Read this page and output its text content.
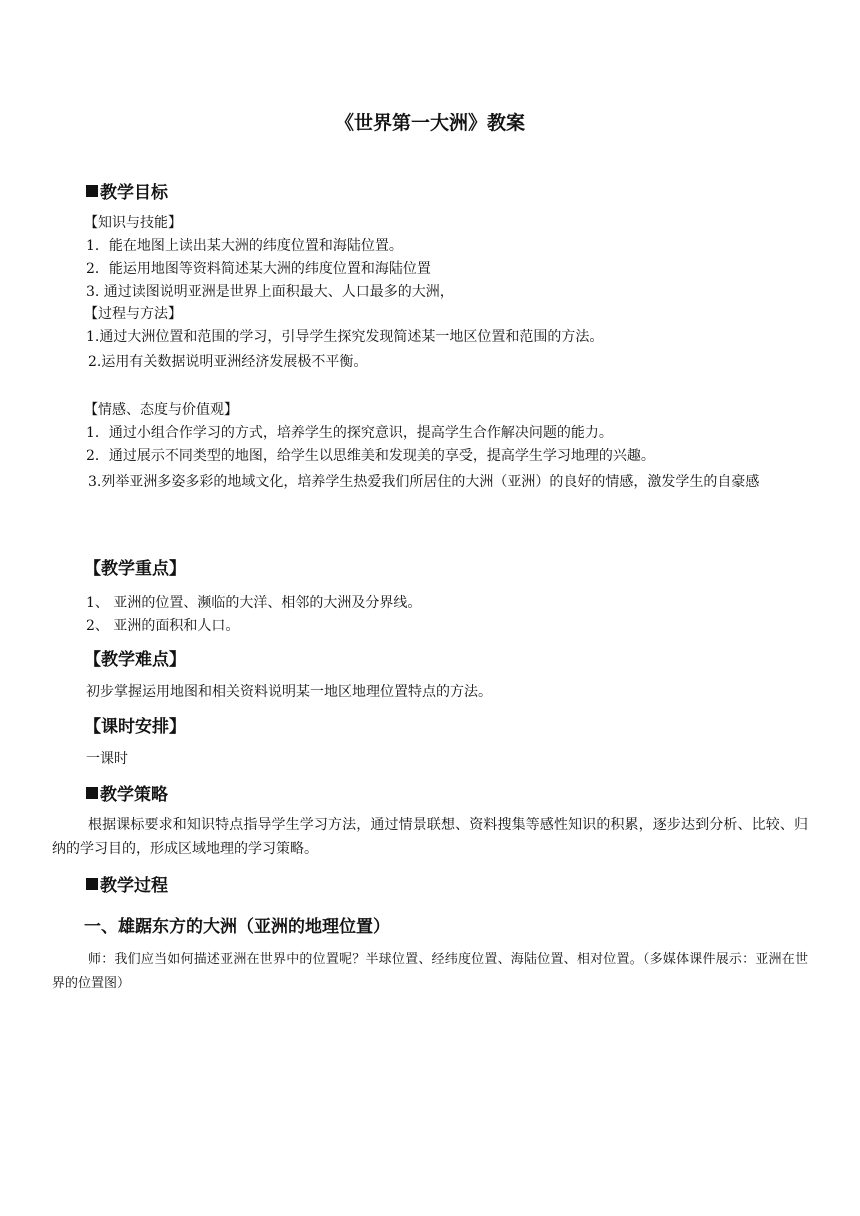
《世界第一大洲》教案
教学目标
【知识与技能】
1．能在地图上读出某大洲的纬度位置和海陆位置。
2．能运用地图等资料简述某大洲的纬度位置和海陆位置
3. 通过读图说明亚洲是世界上面积最大、人口最多的大洲，
【过程与方法】
1.通过大洲位置和范围的学习，引导学生探究发现简述某一地区位置和范围的方法。
2.运用有关数据说明亚洲经济发展极不平衡。
【情感、态度与价值观】
1．通过小组合作学习的方式，培养学生的探究意识，提高学生合作解决问题的能力。
2．通过展示不同类型的地图，给学生以思维美和发现美的享受，提高学生学习地理的兴趣。
3.列举亚洲多姿多彩的地域文化，培养学生热爱我们所居住的大洲（亚洲）的良好的情感，激发学生的自豪感
【教学重点】
1、 亚洲的位置、濒临的大洋、相邻的大洲及分界线。
2、 亚洲的面积和人口。
【教学难点】
初步掌握运用地图和相关资料说明某一地区地理位置特点的方法。
【课时安排】
一课时
教学策略
根据课标要求和知识特点指导学生学习方法，通过情景联想、资料搜集等感性知识的积累，逐步达到分析、比较、归纳的学习目的，形成区域地理的学习策略。
教学过程
一、雄踞东方的大洲（亚洲的地理位置）
师：我们应当如何描述亚洲在世界中的位置呢？半球位置、经纬度位置、海陆位置、相对位置。（多媒体课件展示：亚洲在世界的位置图）
